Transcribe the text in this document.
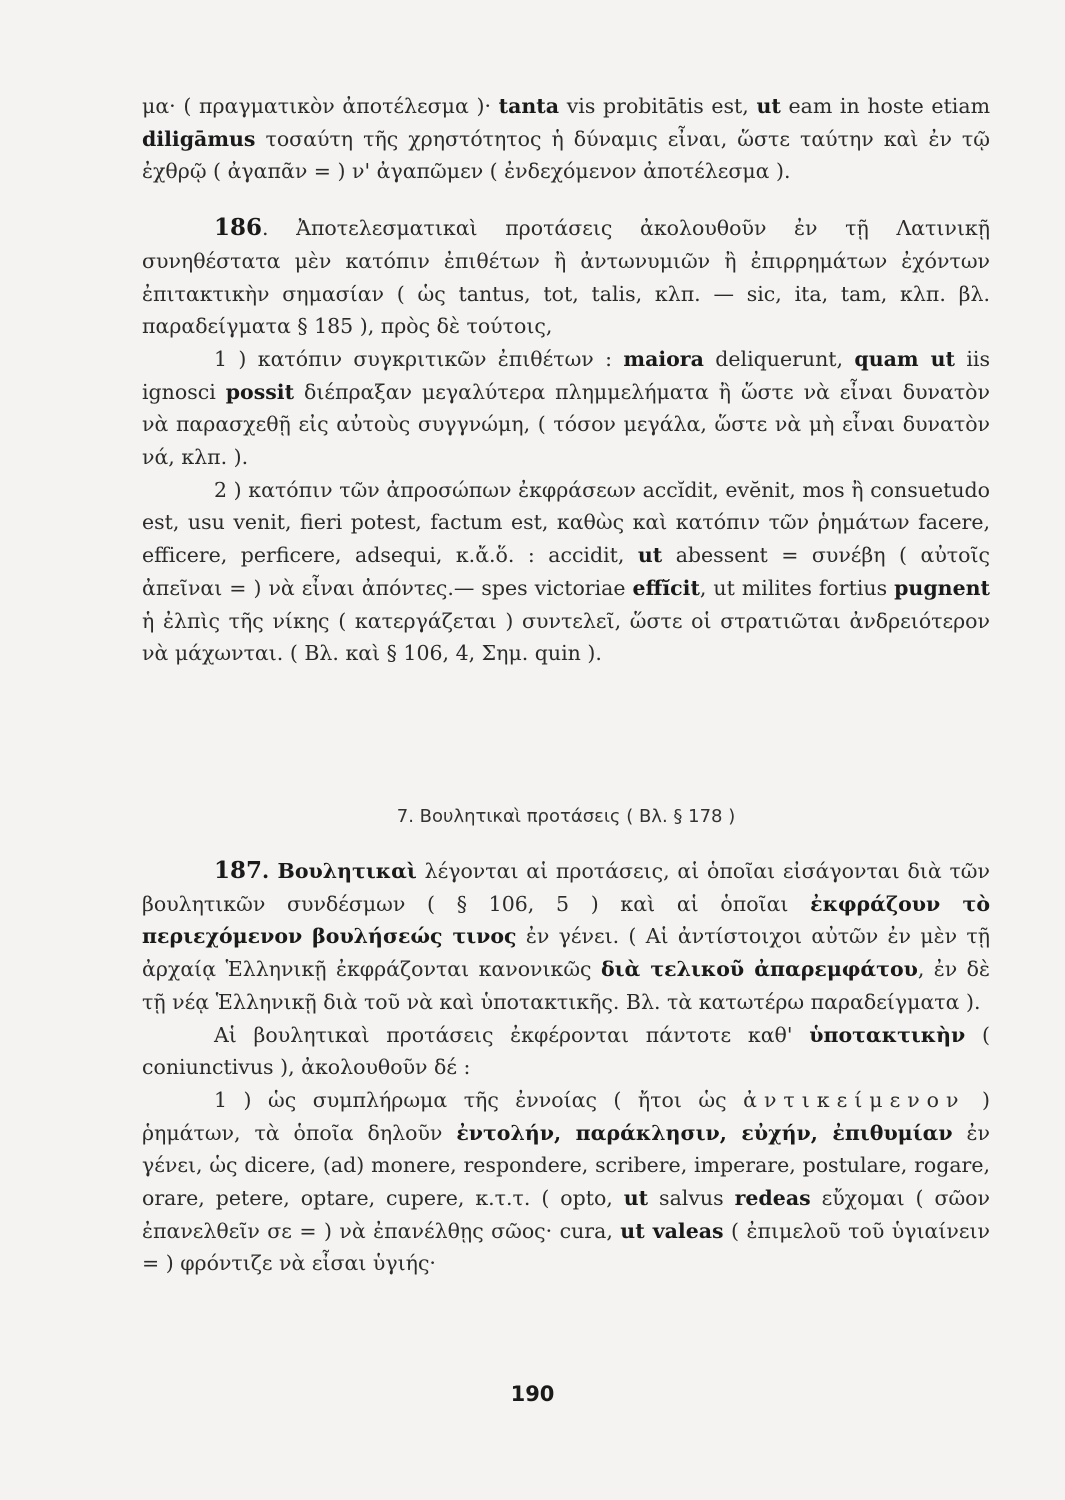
μα· ( πραγματικὸν ἀποτέλεσμα )· tanta vis probitātis est, ut eam in hoste etiam diligāmus τοσαύτη τῆς χρηστότητος ἡ δύναμις εἶναι, ὥστε ταύτην καὶ ἐν τῷ ἐχθρῷ ( ἀγαπᾶν = ) ν' ἀγαπῶμεν ( ἐνδεχόμενον ἀποτέλεσμα ).

186. Ἀποτελεσματικαὶ προτάσεις ἀκολουθοῦν ἐν τῇ Λατινικῇ συνηθέστατα μὲν κατόπιν ἐπιθέτων ἢ ἀντωνυμιῶν ἢ ἐπιρρημάτων ἐχόντων ἐπιτακτικὴν σημασίαν ( ὡς tantus, tot, talis, κλπ. — sic, ita, tam, κλπ. βλ. παραδείγματα § 185 ), πρὸς δὲ τούτοις,

1 ) κατόπιν συγκριτικῶν ἐπιθέτων : maiora deliquerunt, quam ut iis ignosci possit διέπραξαν μεγαλύτερα πλημμελήματα ἢ ὥστε νὰ εἶναι δυνατὸν νὰ παρασχεθῇ εἰς αὐτοὺς συγγνώμη, ( τόσον μεγάλα, ὥστε νὰ μὴ εἶναι δυνατὸν νά, κλπ. ).

2 ) κατόπιν τῶν ἀπροσώπων ἐκφράσεων accĭdit, evĕnit, mos ἢ consuetudo est, usu venit, fieri potest, factum est, καθὼς καὶ κατόπιν τῶν ῥημάτων facere, efficere, perficere, adsequi, κ.ἄ.ὅ. : accidit, ut abessent = συνέβη ( αὐτοῖς ἀπεῖναι = ) νὰ εἶναι ἀπόντες.— spes victoriae effĭcit, ut milites fortius pugnent ἡ ἐλπὶς τῆς νίκης ( κατεργάζεται ) συντελεῖ, ὥστε οἱ στρατιῶται ἀνδρειότερον νὰ μάχωνται. ( Βλ. καὶ § 106, 4, Σημ. quin ).

7. Βουλητικαὶ προτάσεις ( Βλ. § 178 )

187. Βουλητικαὶ λέγονται αἱ προτάσεις, αἱ ὁποῖαι εἰσάγονται διὰ τῶν βουλητικῶν συνδέσμων ( § 106, 5 ) καὶ αἱ ὁποῖαι ἐκφράζουν τὸ περιεχόμενον βουλήσεώς τινος ἐν γένει. ( Αἱ ἀντίστοιχοι αὐτῶν ἐν μὲν τῇ ἀρχαίᾳ Ἑλληνικῇ ἐκφράζονται κανονικῶς διὰ τελικοῦ ἀπαρεμφάτου, ἐν δὲ τῇ νέᾳ Ἑλληνικῇ διὰ τοῦ νὰ καὶ ὑποτακτικῆς. Βλ. τὰ κατωτέρω παραδείγματα ).

Αἱ βουλητικαὶ προτάσεις ἐκφέρονται πάντοτε καθ' ὑποτακτικὴν ( coniunctivus ), ἀκολουθοῦν δέ :

1 ) ὡς συμπλήρωμα τῆς ἐννοίας ( ἤτοι ὡς ἀντικείμενον ) ῥημάτων, τὰ ὁποῖα δηλοῦν ἐντολήν, παράκλησιν, εὐχήν, ἐπιθυμίαν ἐν γένει, ὡς dicere, (ad) monere, respondere, scribere, imperare, postulare, rogare, orare, petere, optare, cupere, κ.τ.τ. ( opto, ut salvus redeas εὔχομαι ( σῶον ἐπανελθεῖν σε = ) νὰ ἐπανέλθῃς σῶος· cura, ut valeas ( ἐπιμελοῦ τοῦ ὑγιαίνειν = ) φρόντιζε νὰ εἶσαι ὑγιής·

190
